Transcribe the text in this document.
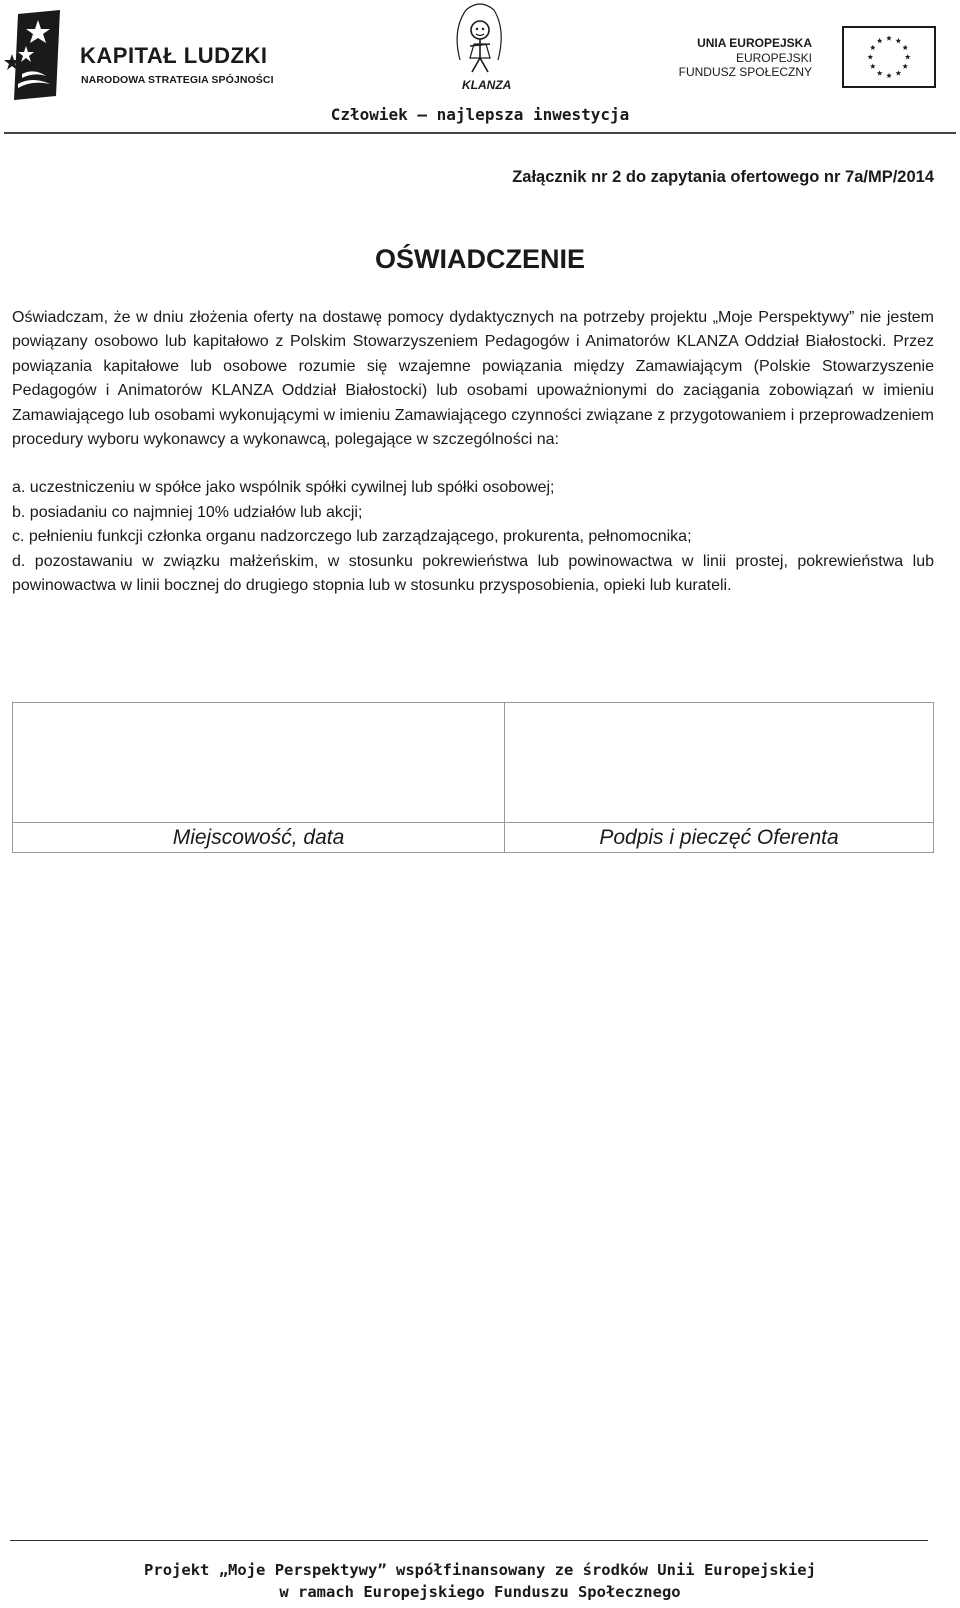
KAPITAŁ LUDZKI
NARODOWA STRATEGIA SPÓJNOŚCI	KLANZA
UNIA EUROPEJSKA
EUROPEJSKI
FUNDUSZ SPOŁECZNY
Człowiek – najlepsza inwestycja
Załącznik nr 2 do zapytania ofertowego nr 7a/MP/2014
OŚWIADCZENIE

Oświadczam, że w dniu złożenia oferty na dostawę pomocy dydaktycznych na potrzeby projektu „Moje Perspektywy” nie jestem powiązany osobowo lub kapitałowo z Polskim Stowarzyszeniem Pedagogów i Animatorów KLANZA Oddział Białostocki. Przez powiązania kapitałowe lub osobowe rozumie się wzajemne powiązania między Zamawiającym (Polskie Stowarzyszenie Pedagogów i Animatorów KLANZA Oddział Białostocki) lub osobami upoważnionymi do zaciągania zobowiązań w imieniu Zamawiającego lub osobami wykonującymi w imieniu Zamawiającego czynności związane z przygotowaniem i przeprowadzeniem procedury wyboru wykonawcy a wykonawcą, polegające w szczególności na:

a. uczestniczeniu w spółce jako wspólnik spółki cywilnej lub spółki osobowej;

b. posiadaniu co najmniej 10% udziałów lub akcji;

c. pełnieniu funkcji członka organu nadzorczego lub zarządzającego, prokurenta, pełnomocnika;

d. pozostawaniu w związku małżeńskim, w stosunku pokrewieństwa lub powinowactwa w linii prostej, pokrewieństwa lub powinowactwa w linii bocznej do drugiego stopnia lub w stosunku przysposobienia, opieki lub kurateli.

Miejscowość, data	Podpis i pieczęć Oferenta
Projekt „Moje Perspektywy” współfinansowany ze środków Unii Europejskiej
w ramach Europejskiego Funduszu Społecznego
